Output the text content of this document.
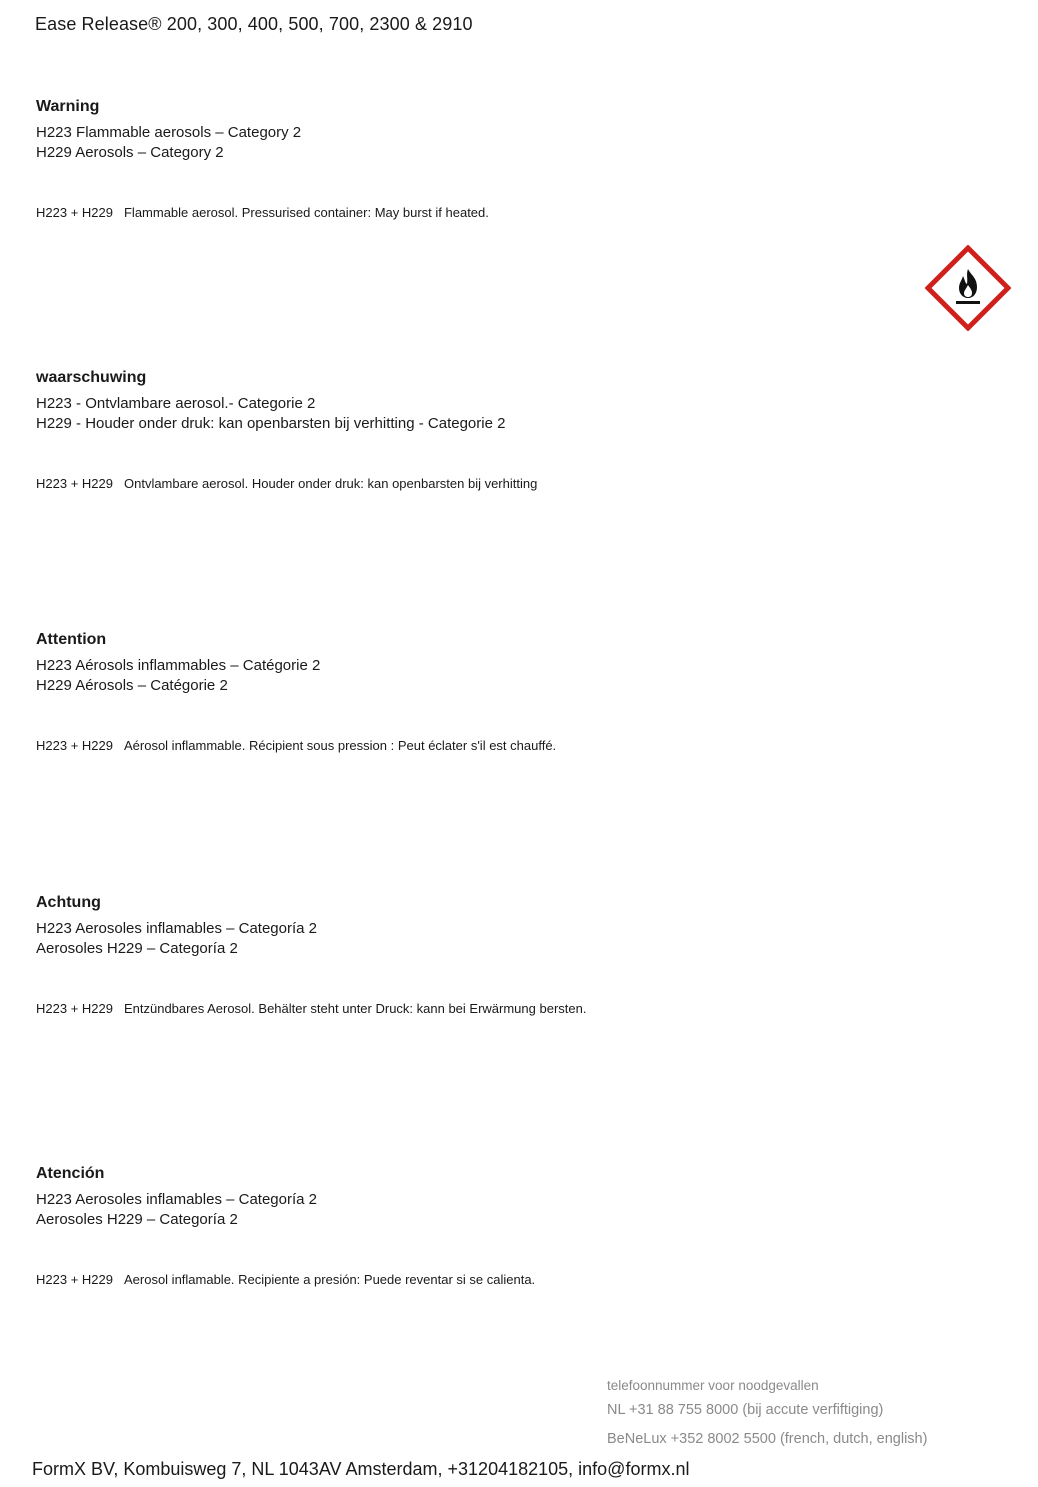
Ease Release® 200, 300, 400, 500, 700, 2300 & 2910
Warning

H223 Flammable aerosols – Category 2

H229 Aerosols – Category 2

H223 + H229 Flammable aerosol. Pressurised container: May burst if heated.
waarschuwing

H223 - Ontvlambare aerosol.- Categorie 2

H229 - Houder onder druk: kan openbarsten bij verhitting - Categorie 2

H223 + H229 Ontvlambare aerosol. Houder onder druk: kan openbarsten bij verhitting
Attention

H223 Aérosols inflammables – Catégorie 2

H229 Aérosols – Catégorie 2

H223 + H229 Aérosol inflammable. Récipient sous pression : Peut éclater s'il est chauffé.
Achtung

H223 Aerosoles inflamables – Categoría 2

Aerosoles H229 – Categoría 2

H223 + H229 Entzündbares Aerosol. Behälter steht unter Druck: kann bei Erwärmung bersten.
Atención

H223 Aerosoles inflamables – Categoría 2

Aerosoles H229 – Categoría 2

H223 + H229 Aerosol inflamable. Recipiente a presión: Puede reventar si se calienta.
telefoonnummer voor noodgevallen
NL +31 88 755 8000 (bij accute verfiftiging)
BeNeLux +352 8002 5500 (french, dutch, english)
FormX BV, Kombuisweg 7, NL 1043AV Amsterdam, +31204182105, info@formx.nl
